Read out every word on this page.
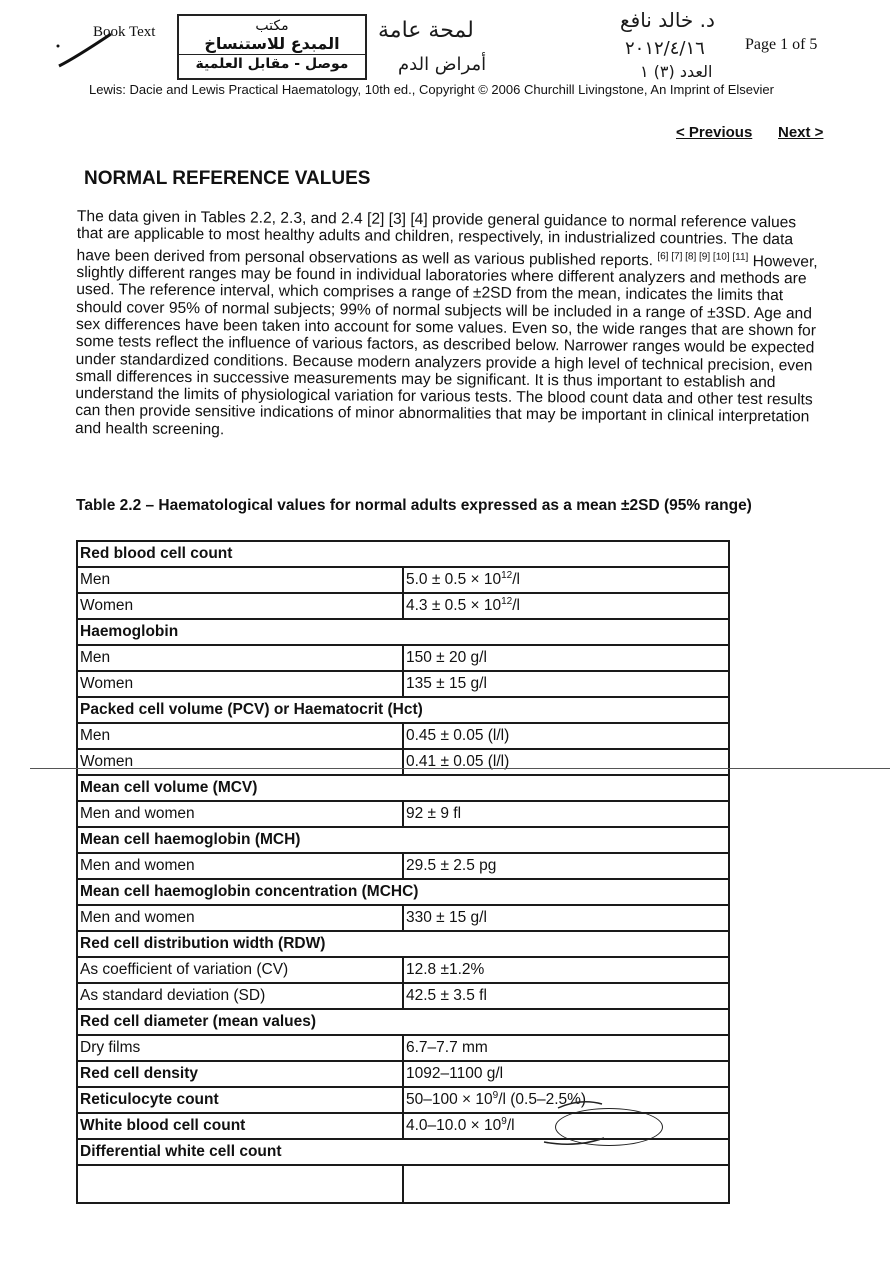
Book Text	مكتب
المبدع للاستنساخ
موصل - مقابل العلمية
لمحة عامة
أمراض الدم
د. خالد نافع
٢٠١٢/٤/١٦
العدد (٣) ١
Page 1 of 5
Lewis: Dacie and Lewis Practical Haematology, 10th ed., Copyright © 2006 Churchill Livingstone, An Imprint of Elsevier
< Previous Next >
NORMAL REFERENCE VALUES
The data given in Tables 2.2, 2.3, and 2.4 [2] [3] [4] provide general guidance to normal reference values that are applicable to most healthy adults and children, respectively, in industrialized countries. The data have been derived from personal observations as well as various published reports. [6] [7] [8] [9] [10] [11] However, slightly different ranges may be found in individual laboratories where different analyzers and methods are used. The reference interval, which comprises a range of ±2SD from the mean, indicates the limits that should cover 95% of normal subjects; 99% of normal subjects will be included in a range of ±3SD. Age and sex differences have been taken into account for some values. Even so, the wide ranges that are shown for some tests reflect the influence of various factors, as described below. Narrower ranges would be expected under standardized conditions. Because modern analyzers provide a high level of technical precision, even small differences in successive measurements may be significant. It is thus important to establish and understand the limits of physiological variation for various tests. The blood count data and other test results can then provide sensitive indications of minor abnormalities that may be important in clinical interpretation and health screening.
Table 2.2 – Haematological values for normal adults expressed as a mean ±2SD (95% range)
Red blood cell count	
Men	$5.0 \pm 0.5 \times 10^{12}/l$
Women	$4.3 \pm 0.5 \times 10^{12}/l$
Haemoglobin	
Men	150 ± 20 g/l
Women	135 ± 15 g/l
Packed cell volume (PCV) or Haematocrit (Hct)	
Men	0.45 ± 0.05 (l/l)
Women	0.41 ± 0.05 (l/l)
Mean cell volume (MCV)	
Men and women	92 ± 9 fl
Mean cell haemoglobin (MCH)	
Men and women	29.5 ± 2.5 pg
Mean cell haemoglobin concentration (MCHC)	
Men and women	330 ± 15 g/l
Red cell distribution width (RDW)	
As coefficient of variation (CV)	12.8 ±1.2%
As standard deviation (SD)	42.5 ± 3.5 fl
Red cell diameter (mean values)	
Dry films	6.7–7.7 mm
Red cell density	1092–1100 g/l
Reticulocyte count	$50-100 \times 10^9/l$ (0.5–2.5%)
White blood cell count	$4.0-10.0 \times 10^9/l$
Differential white cell count	
